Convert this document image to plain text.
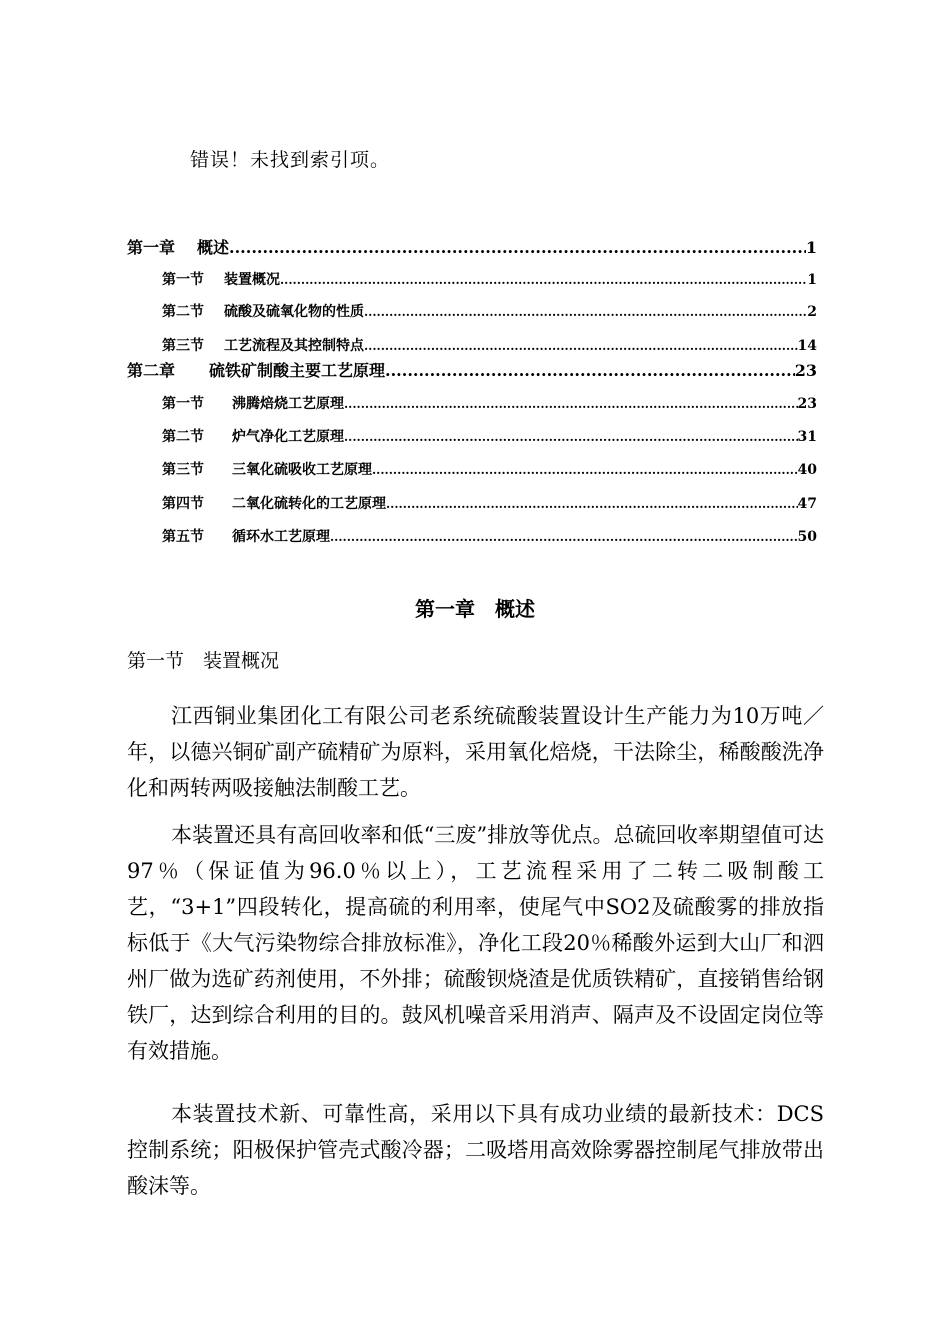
错误！未找到索引项。
第一章 概述 .....	1
第一节 装置概况 .....	1
第二节 硫酸及硫氧化物的性质 .....	2
第三节 工艺流程及其控制特点 .....	14
第二章 硫铁矿制酸主要工艺原理 .....	23
第一节 沸腾焙烧工艺原理 .....	23
第二节 炉气净化工艺原理 .....	31
第三节 三氧化硫吸收工艺原理 .....	40
第四节 二氧化硫转化的工艺原理 .....	47
第五节 循环水工艺原理 .....	50
第一章　概述
第一节　装置概况

江西铜业集团化工有限公司老系统硫酸装置设计生产能力为10万吨／年，以德兴铜矿副产硫精矿为原料，采用氧化焙烧，干法除尘，稀酸酸洗净化和两转两吸接触法制酸工艺。

本装置还具有高回收率和低“三废”排放等优点。总硫回收率期望值可达97％（保证值为96.0％以上），工艺流程采用了二转二吸制酸工艺，“3+1”四段转化，提高硫的利用率，使尾气中SO2及硫酸雾的排放指标低于《大气污染物综合排放标准》，净化工段20％稀酸外运到大山厂和泗州厂做为选矿药剂使用，不外排；硫酸钡烧渣是优质铁精矿，直接销售给钢铁厂，达到综合利用的目的。鼓风机噪音采用消声、隔声及不设固定岗位等有效措施。

本装置技术新、可靠性高，采用以下具有成功业绩的最新技术：DCS控制系统；阳极保护管壳式酸冷器；二吸塔用高效除雾器控制尾气排放带出酸沫等。
